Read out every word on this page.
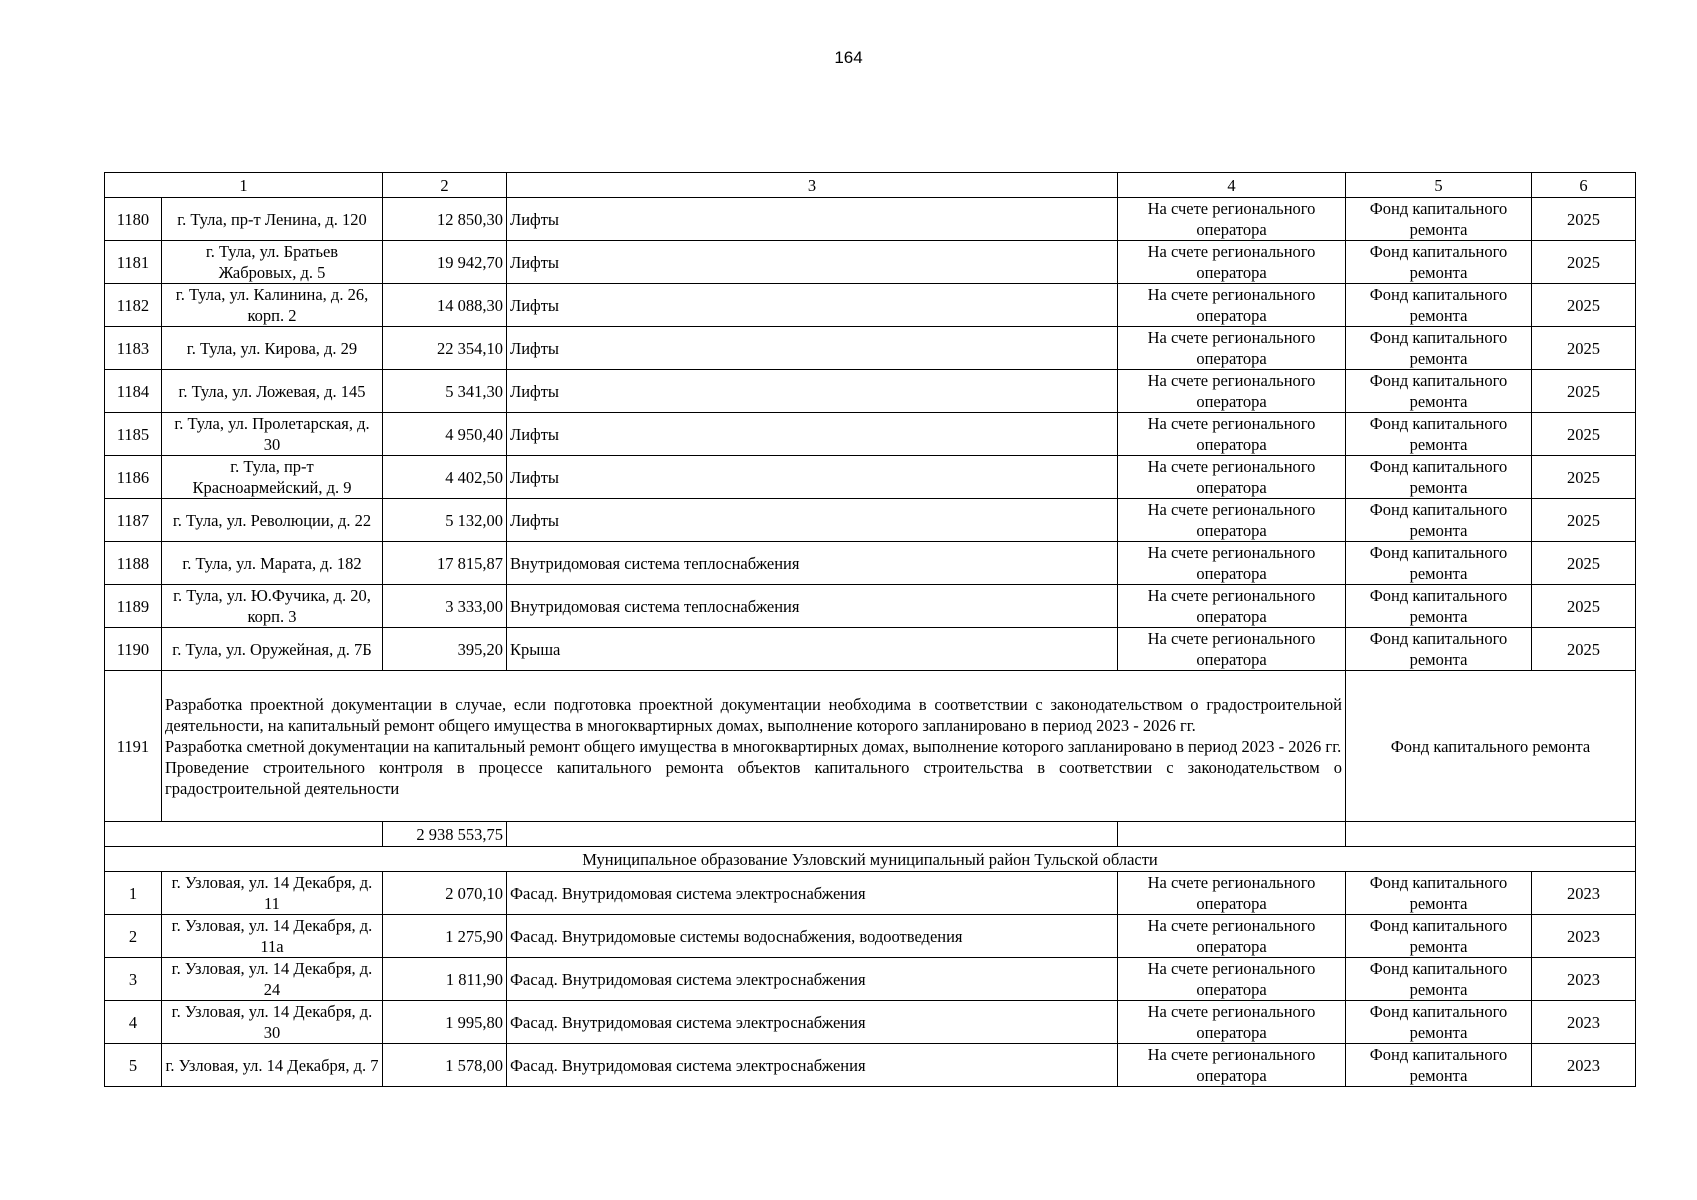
164
1		2	3	4	5	6
1180	г. Тула, пр-т Ленина, д. 120	12 850,30	Лифты	На счете регионального оператора	Фонд капитального ремонта	2025
1181	г. Тула, ул. Братьев Жабровых, д. 5	19 942,70	Лифты	На счете регионального оператора	Фонд капитального ремонта	2025
1182	г. Тула, ул. Калинина, д. 26, корп. 2	14 088,30	Лифты	На счете регионального оператора	Фонд капитального ремонта	2025
1183	г. Тула, ул. Кирова, д. 29	22 354,10	Лифты	На счете регионального оператора	Фонд капитального ремонта	2025
1184	г. Тула, ул. Ложевая, д. 145	5 341,30	Лифты	На счете регионального оператора	Фонд капитального ремонта	2025
1185	г. Тула, ул. Пролетарская, д. 30	4 950,40	Лифты	На счете регионального оператора	Фонд капитального ремонта	2025
1186	г. Тула, пр-т Красноармейский, д. 9	4 402,50	Лифты	На счете регионального оператора	Фонд капитального ремонта	2025
1187	г. Тула, ул. Революции, д. 22	5 132,00	Лифты	На счете регионального оператора	Фонд капитального ремонта	2025
1188	г. Тула, ул. Марата, д. 182	17 815,87	Внутридомовая система теплоснабжения	На счете регионального оператора	Фонд капитального ремонта	2025
1189	г. Тула, ул. Ю.Фучика, д. 20, корп. 3	3 333,00	Внутридомовая система теплоснабжения	На счете регионального оператора	Фонд капитального ремонта	2025
1190	г. Тула, ул. Оружейная, д. 7Б	395,20	Крыша	На счете регионального оператора	Фонд капитального ремонта	2025
1191	Разработка проектной документации в случае, если подготовка проектной документации необходима в соответствии с законодательством о градостроительной деятельности, на капитальный ремонт общего имущества в многоквартирных домах, выполнение которого запланировано в период 2023 - 2026 гг.

Разработка сметной документации на капитальный ремонт общего имущества в многоквартирных домах, выполнение которого запланировано в период 2023 - 2026 гг.

Проведение строительного контроля в процессе капитального ремонта объектов капитального строительства в соответствии с законодательством о градостроительной деятельности				Фонд капитального ремонта	
		2 938 553,75				
Муниципальное образование Узловский муниципальный район Тульской области						
1	г. Узловая, ул. 14 Декабря, д. 11	2 070,10	Фасад. Внутридомовая система электроснабжения	На счете регионального оператора	Фонд капитального ремонта	2023
2	г. Узловая, ул. 14 Декабря, д. 11а	1 275,90	Фасад. Внутридомовые системы водоснабжения, водоотведения	На счете регионального оператора	Фонд капитального ремонта	2023
3	г. Узловая, ул. 14 Декабря, д. 24	1 811,90	Фасад. Внутридомовая система электроснабжения	На счете регионального оператора	Фонд капитального ремонта	2023
4	г. Узловая, ул. 14 Декабря, д. 30	1 995,80	Фасад. Внутридомовая система электроснабжения	На счете регионального оператора	Фонд капитального ремонта	2023
5	г. Узловая, ул. 14 Декабря, д. 7	1 578,00	Фасад. Внутридомовая система электроснабжения	На счете регионального оператора	Фонд капитального ремонта	2023
